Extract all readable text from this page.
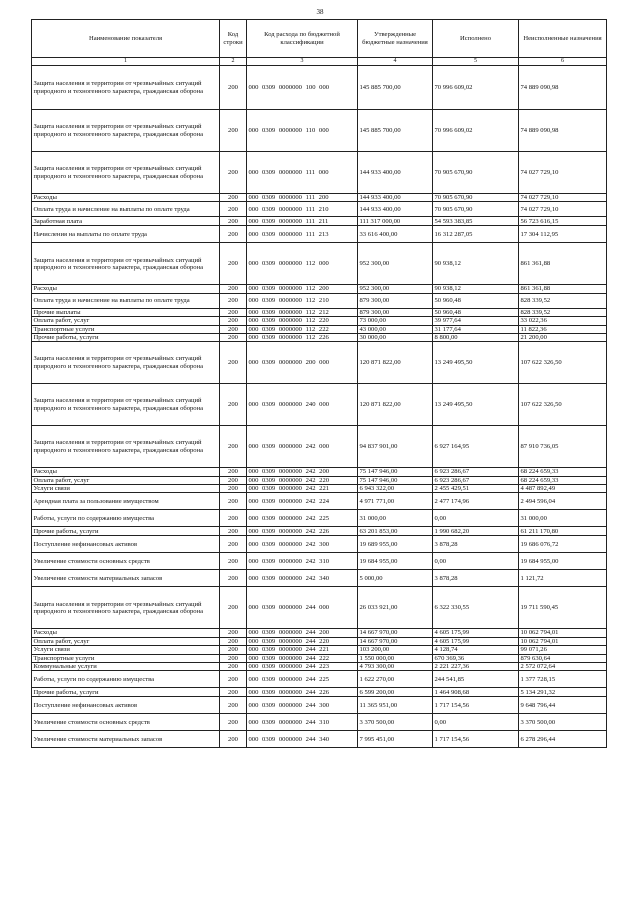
38
Наименование показателя	Код строки	Код расхода по бюджетной классификации	Утвержденные бюджетные назначения	Исполнено	Неисполненные назначения
1	2	3	4	5	6
Защита населения и территории от чрезвычайных ситуаций природного и техногенного характера, гражданская оборона	200	000 0309 0000000 100 000	145 885 700,00	70 996 609,02	74 889 090,98
Защита населения и территории от чрезвычайных ситуаций природного и техногенного характера, гражданская оборона	200	000 0309 0000000 110 000	145 885 700,00	70 996 609,02	74 889 090,98
Защита населения и территории от чрезвычайных ситуаций природного и техногенного характера, гражданская оборона	200	000 0309 0000000 111 000	144 933 400,00	70 905 670,90	74 027 729,10
Расходы	200	000 0309 0000000 111 200	144 933 400,00	70 905 670,90	74 027 729,10
Оплата труда и начисление на выплаты по оплате труда	200	000 0309 0000000 111 210	144 933 400,00	70 905 670,90	74 027 729,10
Заработная плата	200	000 0309 0000000 111 211	111 317 000,00	54 593 383,85	56 723 616,15
Начисления на выплаты по оплате труда	200	000 0309 0000000 111 213	33 616 400,00	16 312 287,05	17 304 112,95
Защита населения и территории от чрезвычайных ситуаций природного и техногенного характера, гражданская оборона	200	000 0309 0000000 112 000	952 300,00	90 938,12	861 361,88
Расходы	200	000 0309 0000000 112 200	952 300,00	90 938,12	861 361,88
Оплата труда и начисление на выплаты по оплате труда	200	000 0309 0000000 112 210	879 300,00	50 960,48	828 339,52
Прочие выплаты	200	000 0309 0000000 112 212	879 300,00	50 960,48	828 339,52
Оплата работ, услуг	200	000 0309 0000000 112 220	73 000,00	39 977,64	33 022,36
Транспортные услуги	200	000 0309 0000000 112 222	43 000,00	31 177,64	11 822,36
Прочие работы, услуги	200	000 0309 0000000 112 226	30 000,00	8 800,00	21 200,00
Защита населения и территории от чрезвычайных ситуаций природного и техногенного характера, гражданская оборона	200	000 0309 0000000 200 000	120 871 822,00	13 249 495,50	107 622 326,50
Защита населения и территории от чрезвычайных ситуаций природного и техногенного характера, гражданская оборона	200	000 0309 0000000 240 000	120 871 822,00	13 249 495,50	107 622 326,50
Защита населения и территории от чрезвычайных ситуаций природного и техногенного характера, гражданская оборона	200	000 0309 0000000 242 000	94 837 901,00	6 927 164,95	87 910 736,05
Расходы	200	000 0309 0000000 242 200	75 147 946,00	6 923 286,67	68 224 659,33
Оплата работ, услуг	200	000 0309 0000000 242 220	75 147 946,00	6 923 286,67	68 224 659,33
Услуги связи	200	000 0309 0000000 242 221	6 943 322,00	2 455 429,51	4 487 892,49
Арендная плата за пользование имуществом	200	000 0309 0000000 242 224	4 971 771,00	2 477 174,96	2 494 596,04
Работы, услуги по содержанию имущества	200	000 0309 0000000 242 225	31 000,00	0,00	31 000,00
Прочие работы, услуги	200	000 0309 0000000 242 226	63 201 853,00	1 990 682,20	61 211 170,80
Поступление нефинансовых активов	200	000 0309 0000000 242 300	19 689 955,00	3 878,28	19 686 076,72
Увеличение стоимости основных средств	200	000 0309 0000000 242 310	19 684 955,00	0,00	19 684 955,00
Увеличение стоимости материальных запасов	200	000 0309 0000000 242 340	5 000,00	3 878,28	1 121,72
Защита населения и территории от чрезвычайных ситуаций природного и техногенного характера, гражданская оборона	200	000 0309 0000000 244 000	26 033 921,00	6 322 330,55	19 711 590,45
Расходы	200	000 0309 0000000 244 200	14 667 970,00	4 605 175,99	10 062 794,01
Оплата работ, услуг	200	000 0309 0000000 244 220	14 667 970,00	4 605 175,99	10 062 794,01
Услуги связи	200	000 0309 0000000 244 221	103 200,00	4 128,74	99 071,26
Транспортные услуги	200	000 0309 0000000 244 222	1 550 000,00	670 369,36	879 630,64
Коммунальные услуги	200	000 0309 0000000 244 223	4 793 300,00	2 221 227,36	2 572 072,64
Работы, услуги по содержанию имущества	200	000 0309 0000000 244 225	1 622 270,00	244 541,85	1 377 728,15
Прочие работы, услуги	200	000 0309 0000000 244 226	6 599 200,00	1 464 908,68	5 134 291,32
Поступление нефинансовых активов	200	000 0309 0000000 244 300	11 365 951,00	1 717 154,56	9 648 796,44
Увеличение стоимости основных средств	200	000 0309 0000000 244 310	3 370 500,00	0,00	3 370 500,00
Увеличение стоимости материальных запасов	200	000 0309 0000000 244 340	7 995 451,00	1 717 154,56	6 278 296,44
